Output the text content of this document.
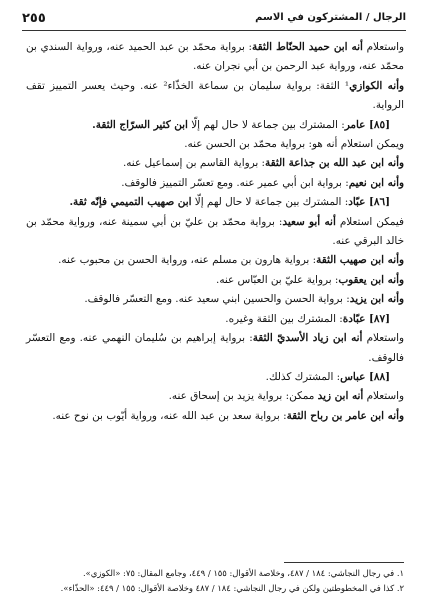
الرجال / المشتركون في الاسم
٢٥٥

واستعلام أنه ابن حميد الحنّاط الثقة: برواية محمّد بن عبد الحميد عنه، ورواية السندي بن محمّد عنه، ورواية عبد الرحمن بن أبي نجران عنه.

وأنه الكوازي¹ الثقة: برواية سليمان بن سماعة الخذّاء² عنه. وحيث يعسر التمييز تقف الرواية.

[٨٥] عامر: المشترك بين جماعة لا حال لهم إلّا ابن كثير السرّاج الثقة.

ويمكن استعلام أنه هو: برواية محمّد بن الحسن عنه.

وأنه ابن عبد الله بن جذاعة الثقة: برواية القاسم بن إسماعيل عنه.

وأنه ابن نعيم: برواية ابن أبي عمير عنه. ومع تعسّر التمييز فالوقف.

[٨٦] عبّاد: المشترك بين جماعة لا حال لهم إلّا ابن صهيب التميمي فإنّه ثقة.

فيمكن استعلام أنه أبو سعيد: برواية محمّد بن عليّ بن أبي سمينة عنه، ورواية محمّد بن خالد البرقي عنه.

وأنه ابن صهيب الثقة: برواية هارون بن مسلم عنه، ورواية الحسن بن محبوب عنه.

وأنه ابن يعقوب: برواية عليّ بن العبّاس عنه.

وأنه ابن يزيد: برواية الحسن والحسين ابني سعيد عنه. ومع التعسّر فالوقف.

[٨٧] عبّادة: المشترك بين الثقة وغيره.

واستعلام أنه ابن زياد الأسديّ الثقة: برواية إبراهيم بن سُليمان النهمي عنه. ومع التعسّر فالوقف.

[٨٨] عباس: المشترك كذلك.

واستعلام أنه ابن زيد ممكن: برواية يزيد بن إسحاق عنه.

وأنه ابن عامر بن رباح الثقة: برواية سعد بن عبد الله عنه، ورواية أيّوب بن نوح عنه.

١. في رجال النجاشي: ١٨٤ / ٤٨٧، وخلاصة الأقوال: ١٥٥ / ٤٤٩، وجامع المقال: ٧٥: «الكوزي».

٢. كذا في المخطوطتين ولكن في رجال النجاشي: ١٨٤ / ٤٨٧ وخلاصة الأقوال: ١٥٥ / ٤٤٩: «الحذّاء».
